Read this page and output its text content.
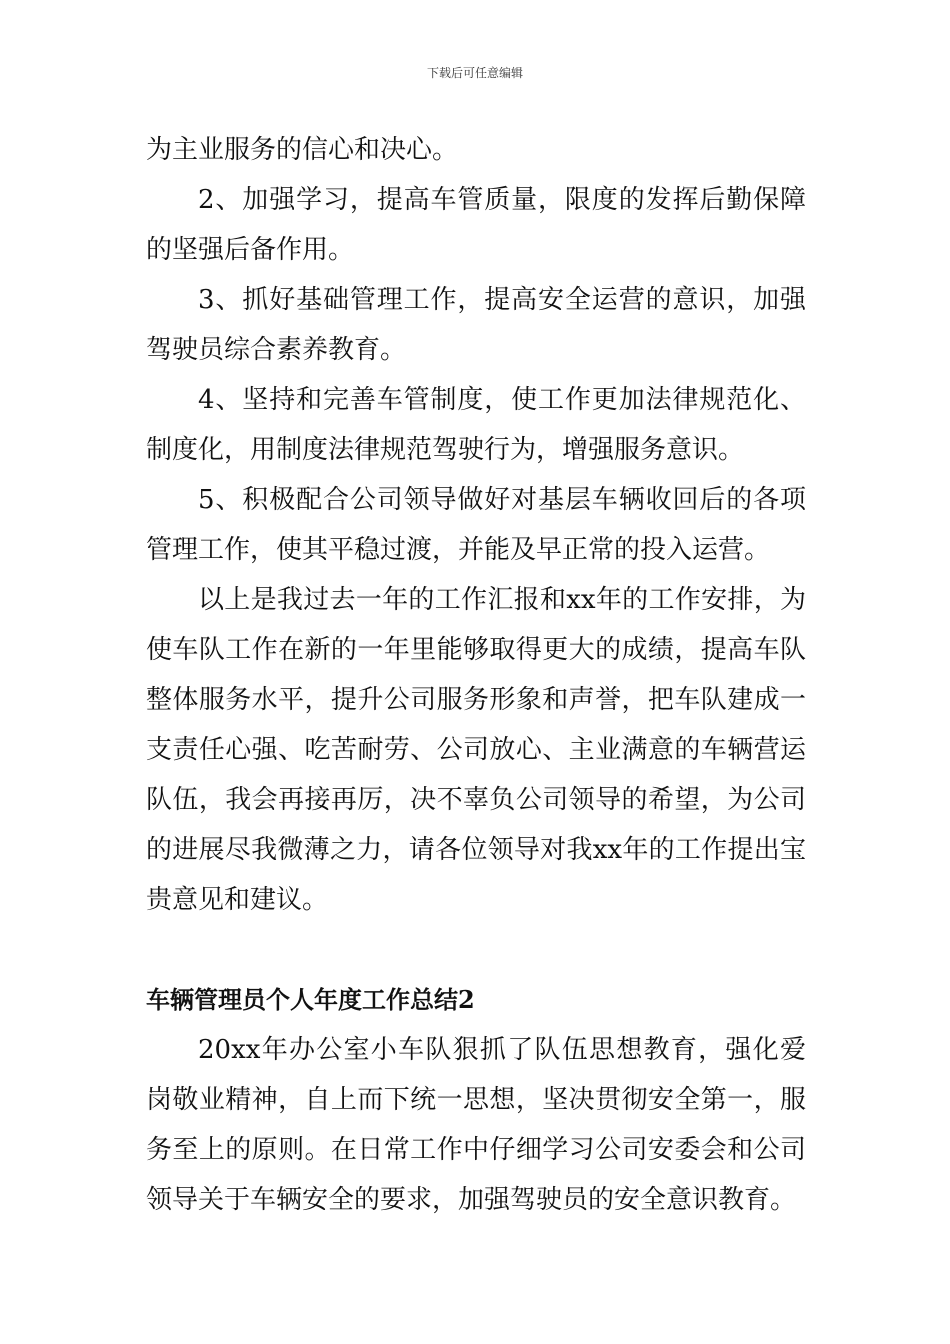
下载后可任意编辑

为主业服务的信心和决心。

2、加强学习，提高车管质量，限度的发挥后勤保障的坚强后备作用。

3、抓好基础管理工作，提高安全运营的意识，加强驾驶员综合素养教育。

4、坚持和完善车管制度，使工作更加法律规范化、制度化，用制度法律规范驾驶行为，增强服务意识。

5、积极配合公司领导做好对基层车辆收回后的各项管理工作，使其平稳过渡，并能及早正常的投入运营。

以上是我过去一年的工作汇报和xx年的工作安排，为使车队工作在新的一年里能够取得更大的成绩，提高车队整体服务水平，提升公司服务形象和声誉，把车队建成一支责任心强、吃苦耐劳、公司放心、主业满意的车辆营运队伍，我会再接再厉，决不辜负公司领导的希望，为公司的进展尽我微薄之力，请各位领导对我xx年的工作提出宝贵意见和建议。

车辆管理员个人年度工作总结2

20xx年办公室小车队狠抓了队伍思想教育，强化爱岗敬业精神，自上而下统一思想，坚决贯彻安全第一，服务至上的原则。在日常工作中仔细学习公司安委会和公司领导关于车辆安全的要求，加强驾驶员的安全意识教育。
